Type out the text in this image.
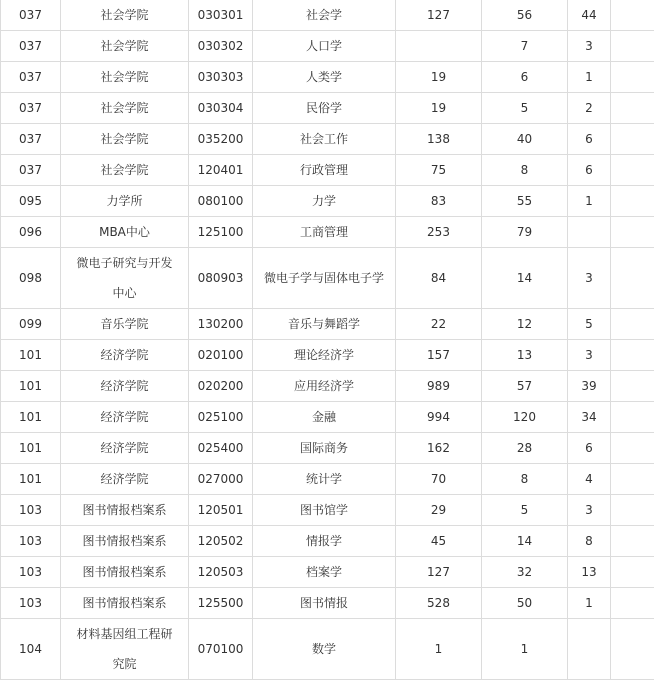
037	社会学院	030301	社会学	127	56	44	
037	社会学院	030302	人口学		7	3	
037	社会学院	030303	人类学	19	6	1	
037	社会学院	030304	民俗学	19	5	2	
037	社会学院	035200	社会工作	138	40	6	
037	社会学院	120401	行政管理	75	8	6	
095	力学所	080100	力学	83	55	1	
096	MBA中心	125100	工商管理	253	79		
098	微电子研究与开发中心	080903	微电子学与固体电子学	84	14	3	
099	音乐学院	130200	音乐与舞蹈学	22	12	5	
101	经济学院	020100	理论经济学	157	13	3	
101	经济学院	020200	应用经济学	989	57	39	
101	经济学院	025100	金融	994	120	34	
101	经济学院	025400	国际商务	162	28	6	
101	经济学院	027000	统计学	70	8	4	
103	图书情报档案系	120501	图书馆学	29	5	3	
103	图书情报档案系	120502	情报学	45	14	8	
103	图书情报档案系	120503	档案学	127	32	13	
103	图书情报档案系	125500	图书情报	528	50	1	
104	材料基因组工程研究院	070100	数学	1	1		
